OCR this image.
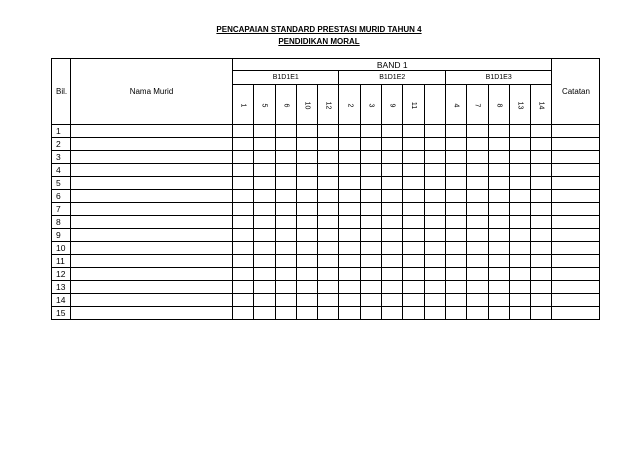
PENCAPAIAN STANDARD PRESTASI MURID TAHUN 4
PENDIDIKAN MORAL
Bil.	Nama Murid	BAND 1															Catatan
		B1D1E1					B1D1E2					B1D1E3					
		1	5	6	10	12	2	3	9	11		4	7	8	13	14	
1																	
2																	
3																	
4																	
5																	
6																	
7																	
8																	
9																	
10																	
11																	
12																	
13																	
14																	
15																	
